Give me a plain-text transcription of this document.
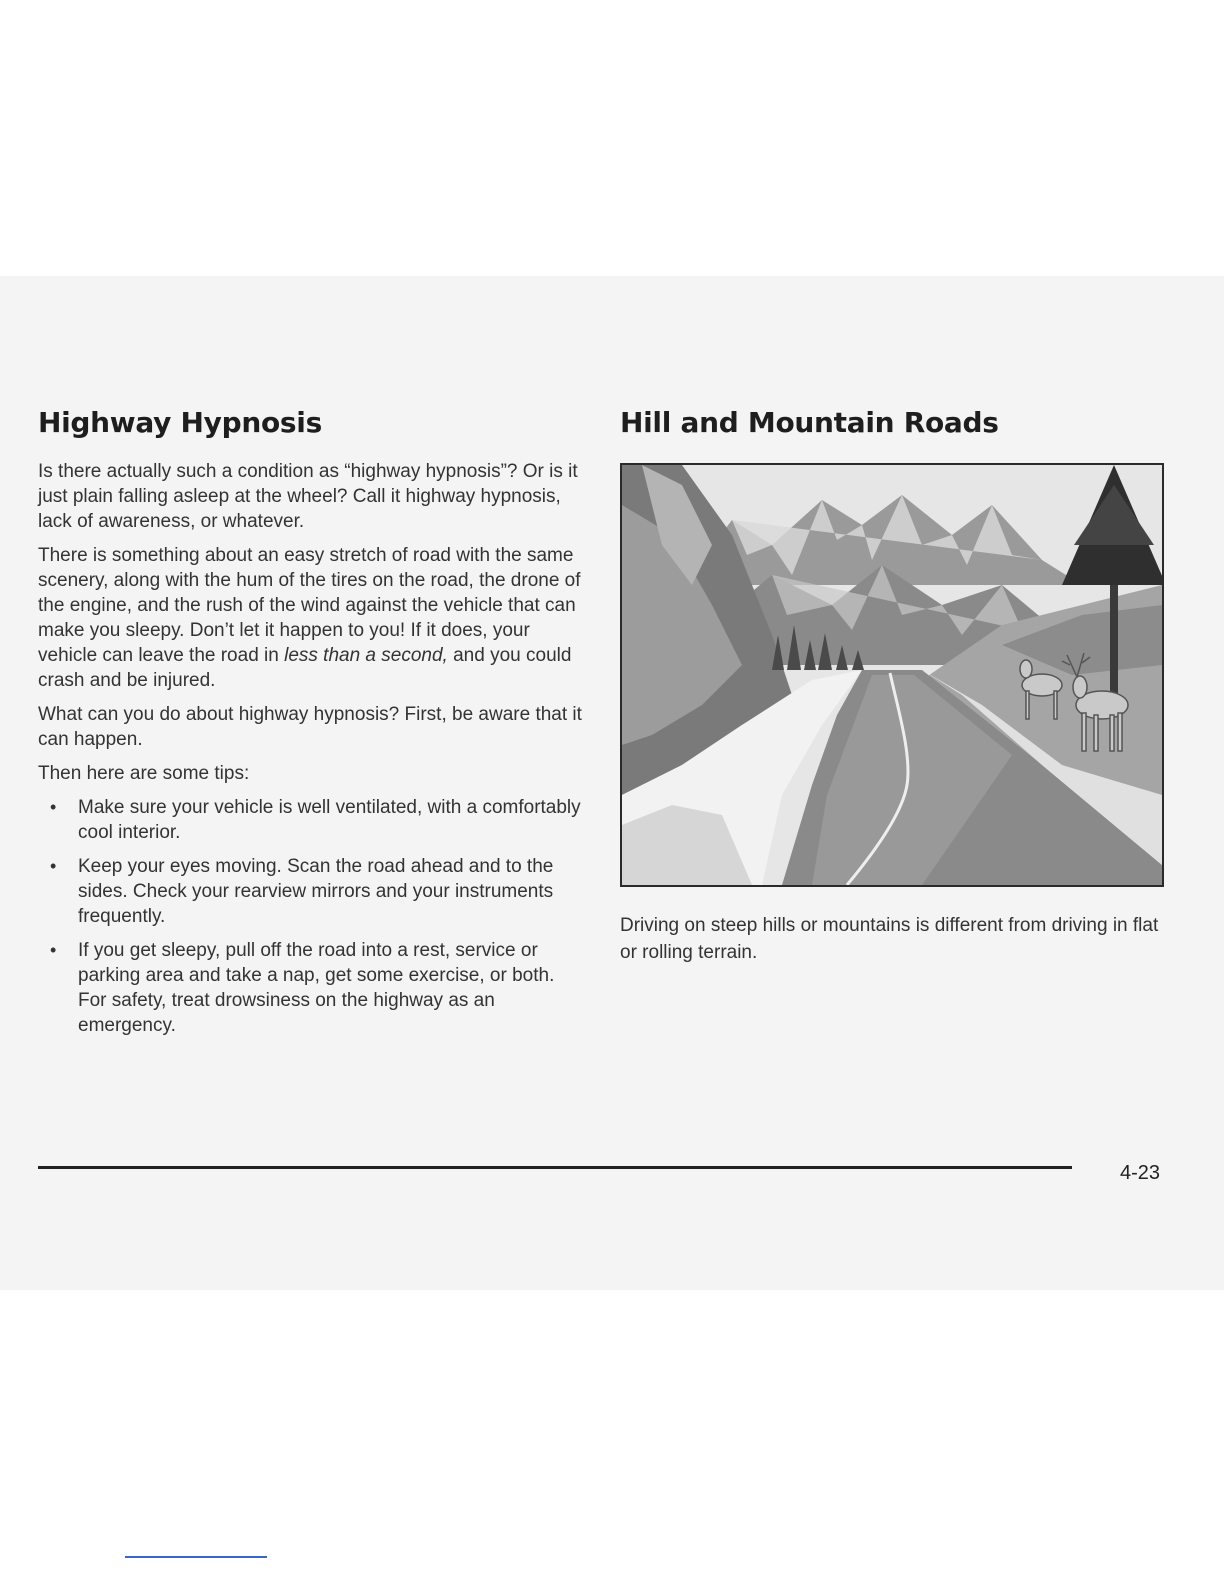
Highway Hypnosis

Is there actually such a condition as “highway hypnosis”? Or is it just plain falling asleep at the wheel? Call it highway hypnosis, lack of awareness, or whatever.

There is something about an easy stretch of road with the same scenery, along with the hum of the tires on the road, the drone of the engine, and the rush of the wind against the vehicle that can make you sleepy. Don’t let it happen to you! If it does, your vehicle can leave the road in less than a second, and you could crash and be injured.

What can you do about highway hypnosis? First, be aware that it can happen.

Then here are some tips:

• Make sure your vehicle is well ventilated, with a comfortably cool interior.
• Keep your eyes moving. Scan the road ahead and to the sides. Check your rearview mirrors and your instruments frequently.
• If you get sleepy, pull off the road into a rest, service or parking area and take a nap, get some exercise, or both. For safety, treat drowsiness on the highway as an emergency.
Hill and Mountain Roads

Driving on steep hills or mountains is different from driving in flat or rolling terrain.

4-23
